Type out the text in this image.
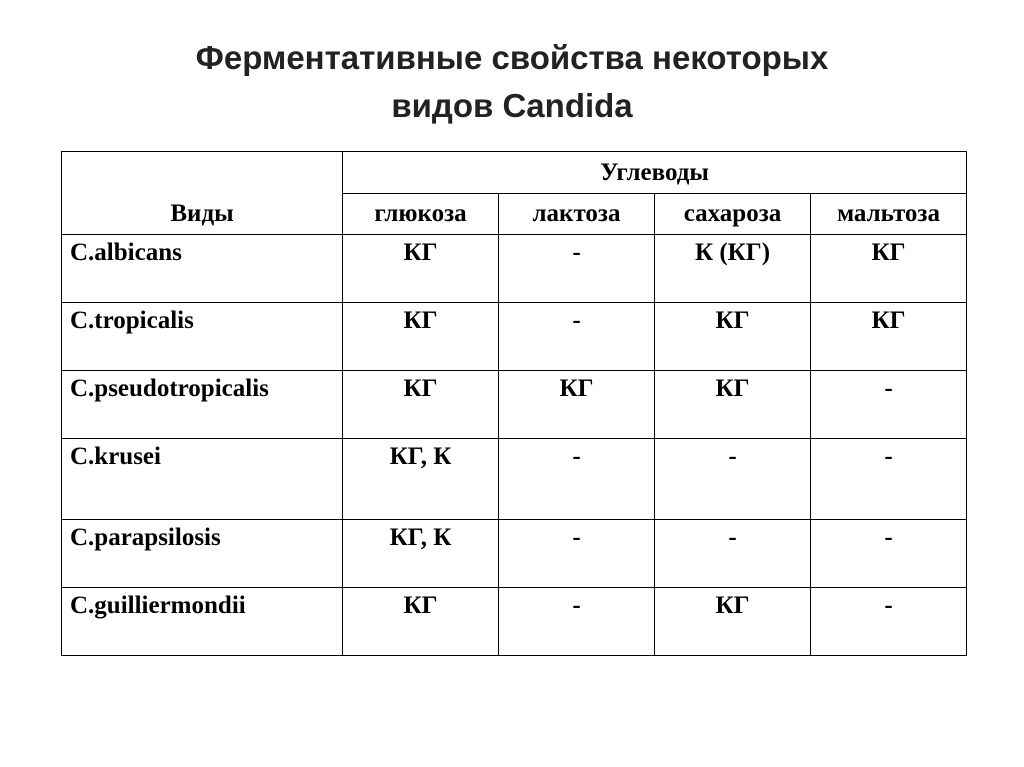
Ферментативные свойства некоторых
видов Candida
Виды	Углеводы			
	глюкоза	лактоза	сахароза	мальтоза
C.albicans	КГ	-	К (КГ)	КГ
C.tropicalis	КГ	-	КГ	КГ
C.pseudotropicalis	КГ	КГ	КГ	-
C.krusei	КГ, К	-	-	-
C.parapsilosis	КГ, К	-	-	-
C.guilliermondii	КГ	-	КГ	-
